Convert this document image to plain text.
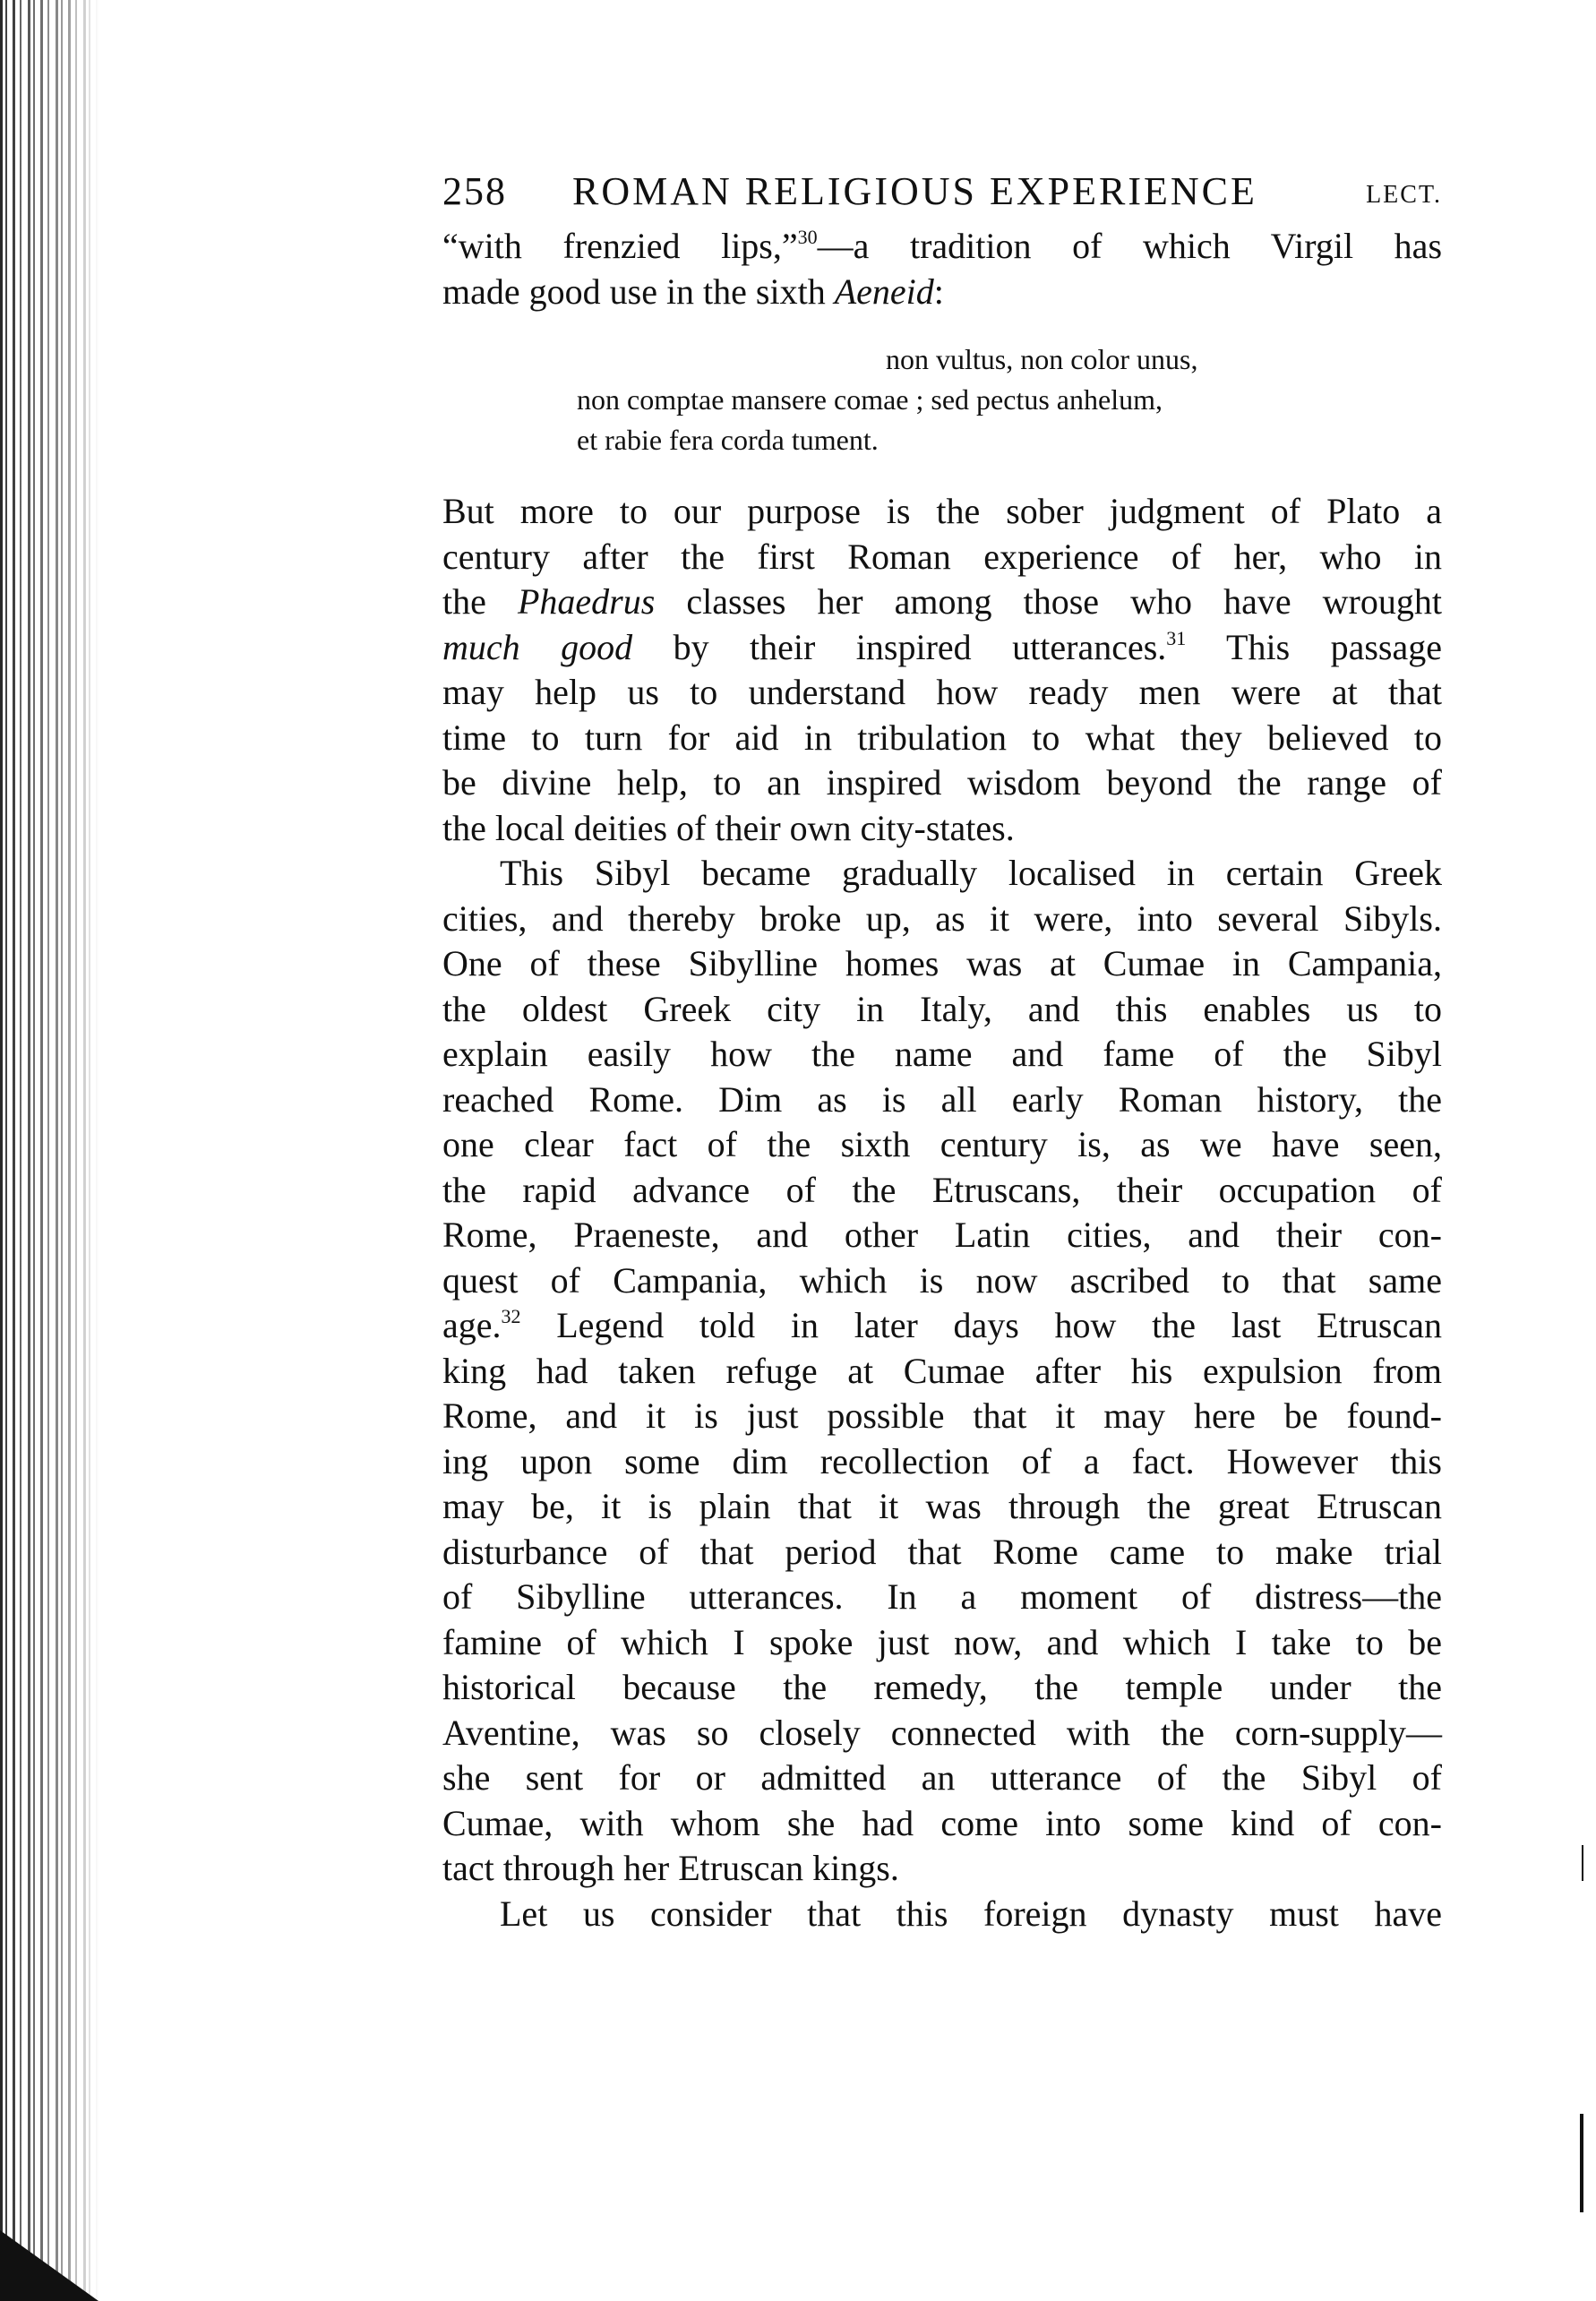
258 ROMAN RELIGIOUS EXPERIENCE	LECT.

“with frenzied lips,”$^{30}$—a tradition of which Virgil has
made good use in the sixth Aeneid:

non vultus, non color unus,
non comptae mansere comae ; sed pectus anhelum,
et rabie fera corda tument.

But more to our purpose is the sober judgment of Plato a
century after the first Roman experience of her, who in
the Phaedrus classes her among those who have wrought
much good by their inspired utterances.$^{31}$ This passage
may help us to understand how ready men were at that
time to turn for aid in tribulation to what they believed to
be divine help, to an inspired wisdom beyond the range of
the local deities of their own city-states.

This Sibyl became gradually localised in certain Greek
cities, and thereby broke up, as it were, into several Sibyls.
One of these Sibylline homes was at Cumae in Campania,
the oldest Greek city in Italy, and this enables us to
explain easily how the name and fame of the Sibyl
reached Rome. Dim as is all early Roman history, the
one clear fact of the sixth century is, as we have seen,
the rapid advance of the Etruscans, their occupation of
Rome, Praeneste, and other Latin cities, and their con-
quest of Campania, which is now ascribed to that same
age.$^{32}$ Legend told in later days how the last Etruscan
king had taken refuge at Cumae after his expulsion from
Rome, and it is just possible that it may here be found-
ing upon some dim recollection of a fact. However this
may be, it is plain that it was through the great Etruscan
disturbance of that period that Rome came to make trial
of Sibylline utterances. In a moment of distress—the
famine of which I spoke just now, and which I take to be
historical because the remedy, the temple under the
Aventine, was so closely connected with the corn-supply—
she sent for or admitted an utterance of the Sibyl of
Cumae, with whom she had come into some kind of con-
tact through her Etruscan kings.

Let us consider that this foreign dynasty must have
